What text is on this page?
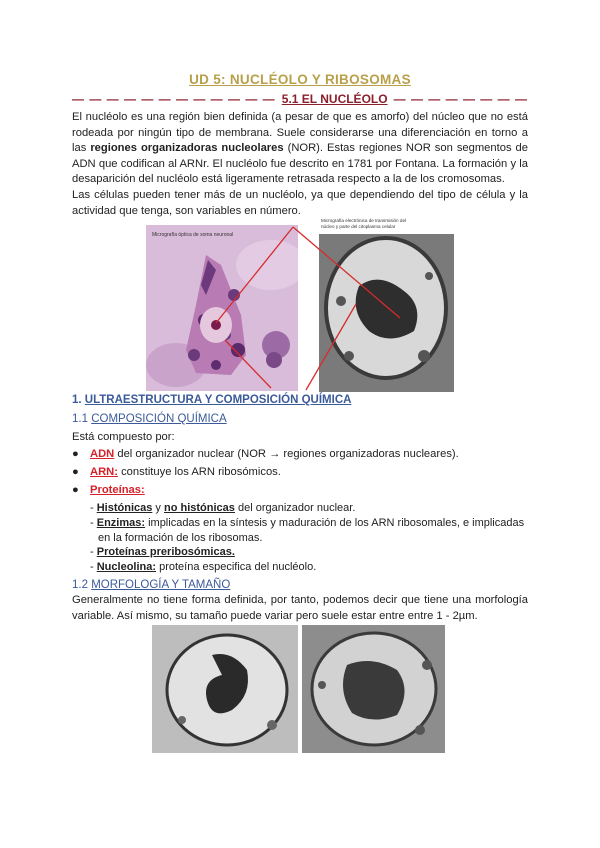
UD 5: NUCLÉOLO Y RIBOSOMAS
— — — — — — — — — — — — 5.1 EL NUCLÉOLO — — — — — — — —
El nucléolo es una región bien definida (a pesar de que es amorfo) del núcleo que no está rodeada por ningún tipo de membrana. Suele considerarse una diferenciación en torno a las regiones organizadoras nucleolares (NOR). Estas regiones NOR son segmentos de ADN que codifican al ARNr. El nucléolo fue descrito en 1781 por Fontana. La formación y la desaparición del nucléolo está ligeramente retrasada respecto a la de los cromosomas.
Las células pueden tener más de un nucléolo, ya que dependiendo del tipo de célula y la actividad que tenga, son variables en número.
Micrografía óptica de soma neuronal
Micrografía electrónica de transmisión del
núcleo y parte del citoplasma celular
1. ULTRAESTRUCTURA Y COMPOSICIÓN QUÍMICA
1.1 COMPOSICIÓN QUÍMICA
Está compuesto por:
● ADN del organizador nuclear (NOR → regiones organizadoras nucleares).
● ARN: constituye los ARN ribosómicos.
● Proteínas:
- Histónicas y no histónicas del organizador nuclear.
- Enzimas: implicadas en la síntesis y maduración de los ARN ribosomales, e implicadas en la formación de los ribosomas.
- Proteínas preribosómicas.
- Nucleolina: proteína especifica del nucléolo.
1.2 MORFOLOGÍA Y TAMAÑO
Generalmente no tiene forma definida, por tanto, podemos decir que tiene una morfología variable. Así mismo, su tamaño puede variar pero suele estar entre entre 1 - 2µm.
